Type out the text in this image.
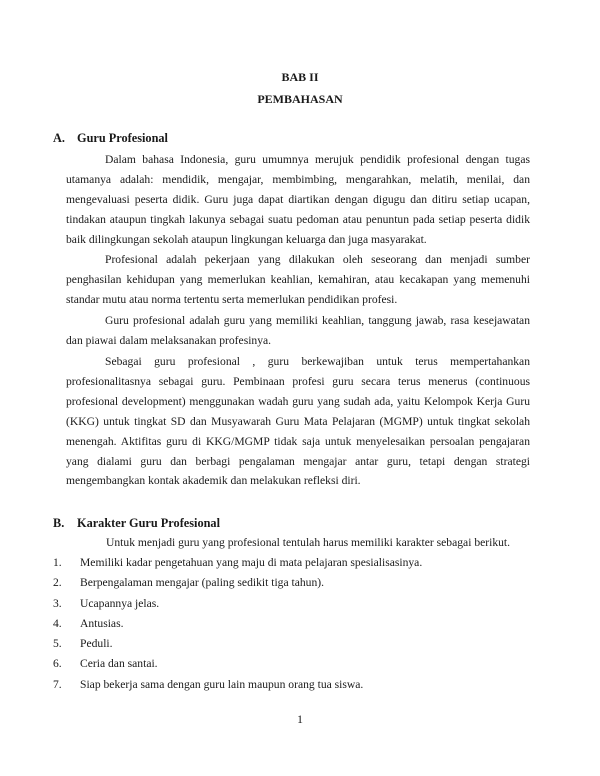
BAB II
PEMBAHASAN
A. Guru Profesional

Dalam bahasa Indonesia, guru umumnya merujuk pendidik profesional dengan tugas utamanya adalah: mendidik, mengajar, membimbing, mengarahkan, melatih, menilai, dan mengevaluasi peserta didik. Guru juga dapat diartikan dengan digugu dan ditiru setiap ucapan, tindakan ataupun tingkah lakunya sebagai suatu pedoman atau penuntun pada setiap peserta didik baik dilingkungan sekolah ataupun lingkungan keluarga dan juga masyarakat.

Profesional adalah pekerjaan yang dilakukan oleh seseorang dan menjadi sumber penghasilan kehidupan yang memerlukan keahlian, kemahiran, atau kecakapan yang memenuhi standar mutu atau norma tertentu serta memerlukan pendidikan profesi.

Guru profesional adalah guru yang memiliki keahlian, tanggung jawab, rasa kesejawatan dan piawai dalam melaksanakan profesinya.

Sebagai guru profesional , guru berkewajiban untuk terus mempertahankan profesionalitasnya sebagai guru. Pembinaan profesi guru secara terus menerus (continuous profesional development) menggunakan wadah guru yang sudah ada, yaitu Kelompok Kerja Guru (KKG) untuk tingkat SD dan Musyawarah Guru Mata Pelajaran (MGMP) untuk tingkat sekolah menengah. Aktifitas guru di KKG/MGMP tidak saja untuk menyelesaikan persoalan pengajaran yang dialami guru dan berbagi pengalaman mengajar antar guru, tetapi dengan strategi mengembangkan kontak akademik dan melakukan refleksi diri.

B. Karakter Guru Profesional
Untuk menjadi guru yang profesional tentulah harus memiliki karakter sebagai berikut.
1. Memiliki kadar pengetahuan yang maju di mata pelajaran spesialisasinya.
2. Berpengalaman mengajar (paling sedikit tiga tahun).
3. Ucapannya jelas.
4. Antusias.
5. Peduli.
6. Ceria dan santai.
7. Siap bekerja sama dengan guru lain maupun orang tua siswa.
1
